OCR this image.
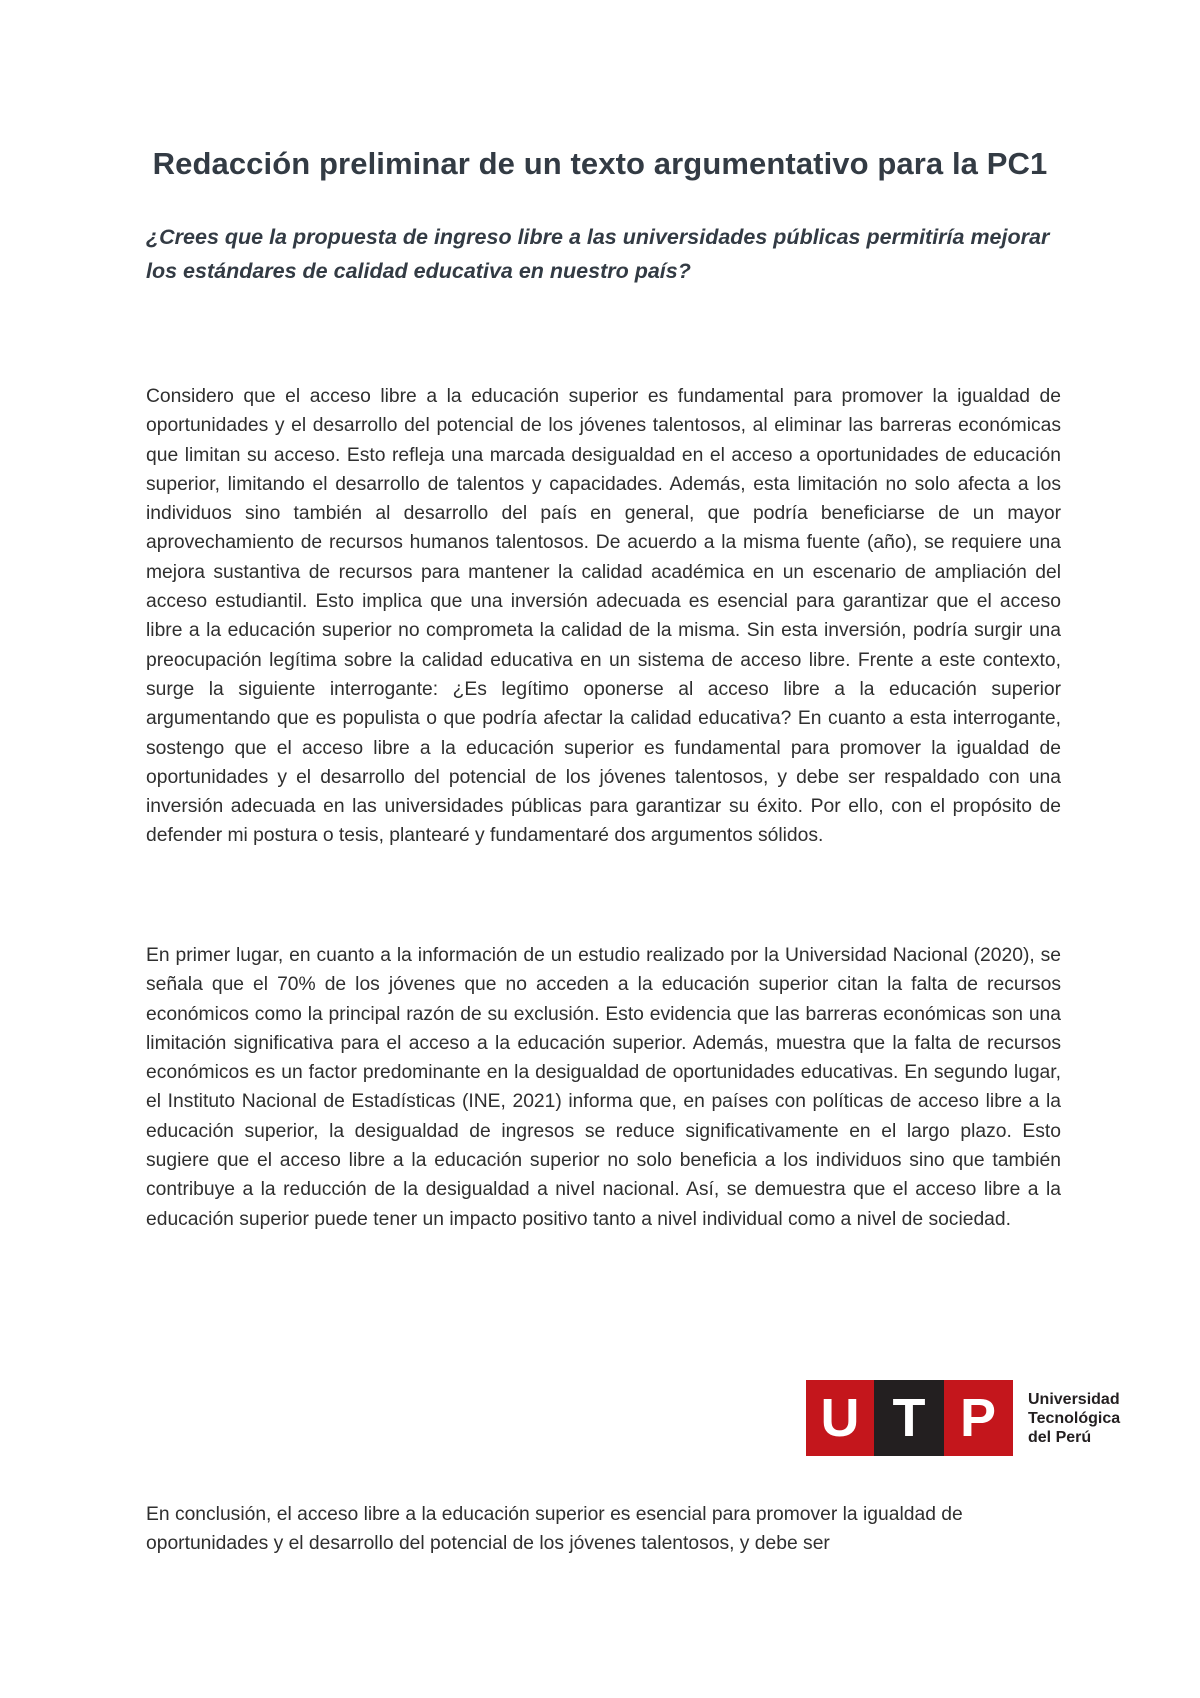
Redacción preliminar de un texto argumentativo para la PC1

¿Crees que la propuesta de ingreso libre a las universidades públicas permitiría mejorar los estándares de calidad educativa en nuestro país?

Considero que el acceso libre a la educación superior es fundamental para promover la igualdad de oportunidades y el desarrollo del potencial de los jóvenes talentosos, al eliminar las barreras económicas que limitan su acceso. Esto refleja una marcada desigualdad en el acceso a oportunidades de educación superior, limitando el desarrollo de talentos y capacidades. Además, esta limitación no solo afecta a los individuos sino también al desarrollo del país en general, que podría beneficiarse de un mayor aprovechamiento de recursos humanos talentosos. De acuerdo a la misma fuente (año), se requiere una mejora sustantiva de recursos para mantener la calidad académica en un escenario de ampliación del acceso estudiantil. Esto implica que una inversión adecuada es esencial para garantizar que el acceso libre a la educación superior no comprometa la calidad de la misma. Sin esta inversión, podría surgir una preocupación legítima sobre la calidad educativa en un sistema de acceso libre. Frente a este contexto, surge la siguiente interrogante: ¿Es legítimo oponerse al acceso libre a la educación superior argumentando que es populista o que podría afectar la calidad educativa? En cuanto a esta interrogante, sostengo que el acceso libre a la educación superior es fundamental para promover la igualdad de oportunidades y el desarrollo del potencial de los jóvenes talentosos, y debe ser respaldado con una inversión adecuada en las universidades públicas para garantizar su éxito. Por ello, con el propósito de defender mi postura o tesis, plantearé y fundamentaré dos argumentos sólidos.

En primer lugar, en cuanto a la información de un estudio realizado por la Universidad Nacional (2020), se señala que el 70% de los jóvenes que no acceden a la educación superior citan la falta de recursos económicos como la principal razón de su exclusión. Esto evidencia que las barreras económicas son una limitación significativa para el acceso a la educación superior. Además, muestra que la falta de recursos económicos es un factor predominante en la desigualdad de oportunidades educativas. En segundo lugar, el Instituto Nacional de Estadísticas (INE, 2021) informa que, en países con políticas de acceso libre a la educación superior, la desigualdad de ingresos se reduce significativamente en el largo plazo. Esto sugiere que el acceso libre a la educación superior no solo beneficia a los individuos sino que también contribuye a la reducción de la desigualdad a nivel nacional. Así, se demuestra que el acceso libre a la educación superior puede tener un impacto positivo tanto a nivel individual como a nivel de sociedad.

U T P Universidad
Tecnológica
del Perú

En conclusión, el acceso libre a la educación superior es esencial para promover la igualdad de oportunidades y el desarrollo del potencial de los jóvenes talentosos, y debe ser
